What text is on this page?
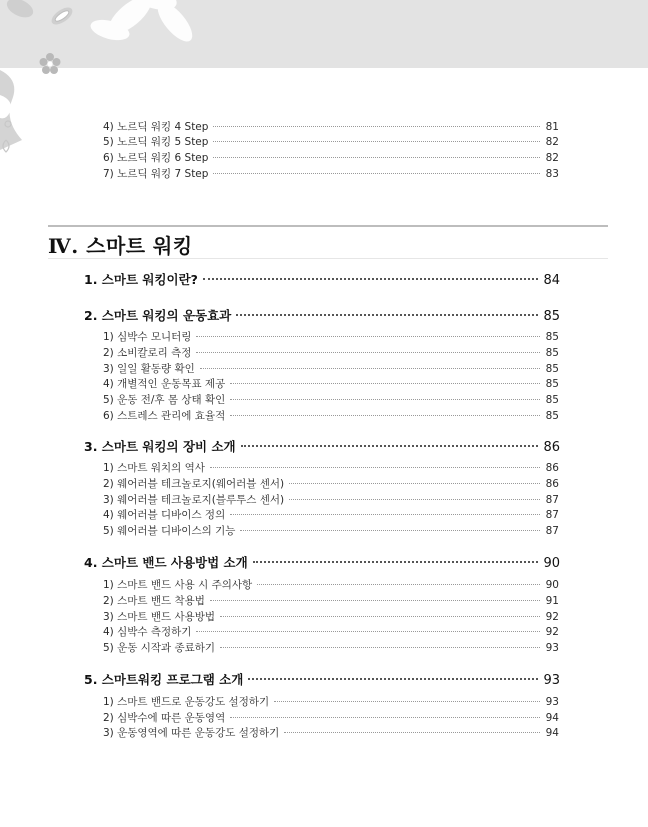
4) 노르딕 워킹 4 Step	81
5) 노르딕 워킹 5 Step	82
6) 노르딕 워킹 6 Step	82
7) 노르딕 워킹 7 Step	83
Ⅳ. 스마트 워킹
1. 스마트 워킹이란?	84
2. 스마트 워킹의 운동효과	85
1) 심박수 모니터링	85
2) 소비칼로리 측정	85
3) 일일 활동량 확인	85
4) 개별적인 운동목표 제공	85
5) 운동 전/후 몸 상태 확인	85
6) 스트레스 관리에 효율적	85
3. 스마트 워킹의 장비 소개	86
1) 스마트 워치의 역사	86
2) 웨어러블 테크놀로지(웨어러블 센서)	86
3) 웨어러블 테크놀로지(블루투스 센서)	87
4) 웨어러블 디바이스 정의	87
5) 웨어러블 디바이스의 기능	87
4. 스마트 밴드 사용방법 소개	90
1) 스마트 밴드 사용 시 주의사항	90
2) 스마트 밴드 착용법	91
3) 스마트 밴드 사용방법	92
4) 심박수 측정하기	92
5) 운동 시작과 종료하기	93
5. 스마트워킹 프로그램 소개	93
1) 스마트 밴드로 운동강도 설정하기	93
2) 심박수에 따른 운동영역	94
3) 운동영역에 따른 운동강도 설정하기	94
